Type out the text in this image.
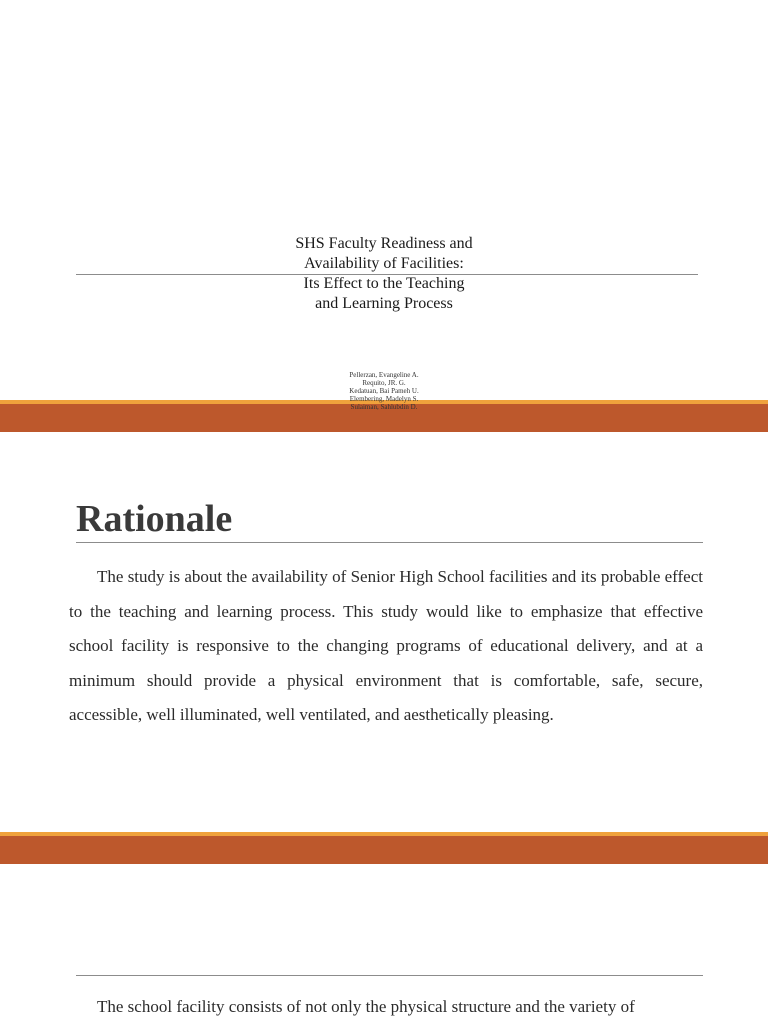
SHS Faculty Readiness and
Availability of Facilities:
Its Effect to the Teaching
and Learning Process
Pellerzan, Evangeline A.
Requito, JR. G.
Kedatuan, Bai Pameh U.
Elembering, Madelyn S.
Sulaiman, Sahlubdin D.
Rationale

The study is about the availability of Senior High School facilities and its probable effect to the teaching and learning process. This study would like to emphasize that effective school facility is responsive to the changing programs of educational delivery, and at a minimum should provide a physical environment that is comfortable, safe, secure, accessible, well illuminated, well ventilated, and aesthetically pleasing.

The school facility consists of not only the physical structure and the variety of
